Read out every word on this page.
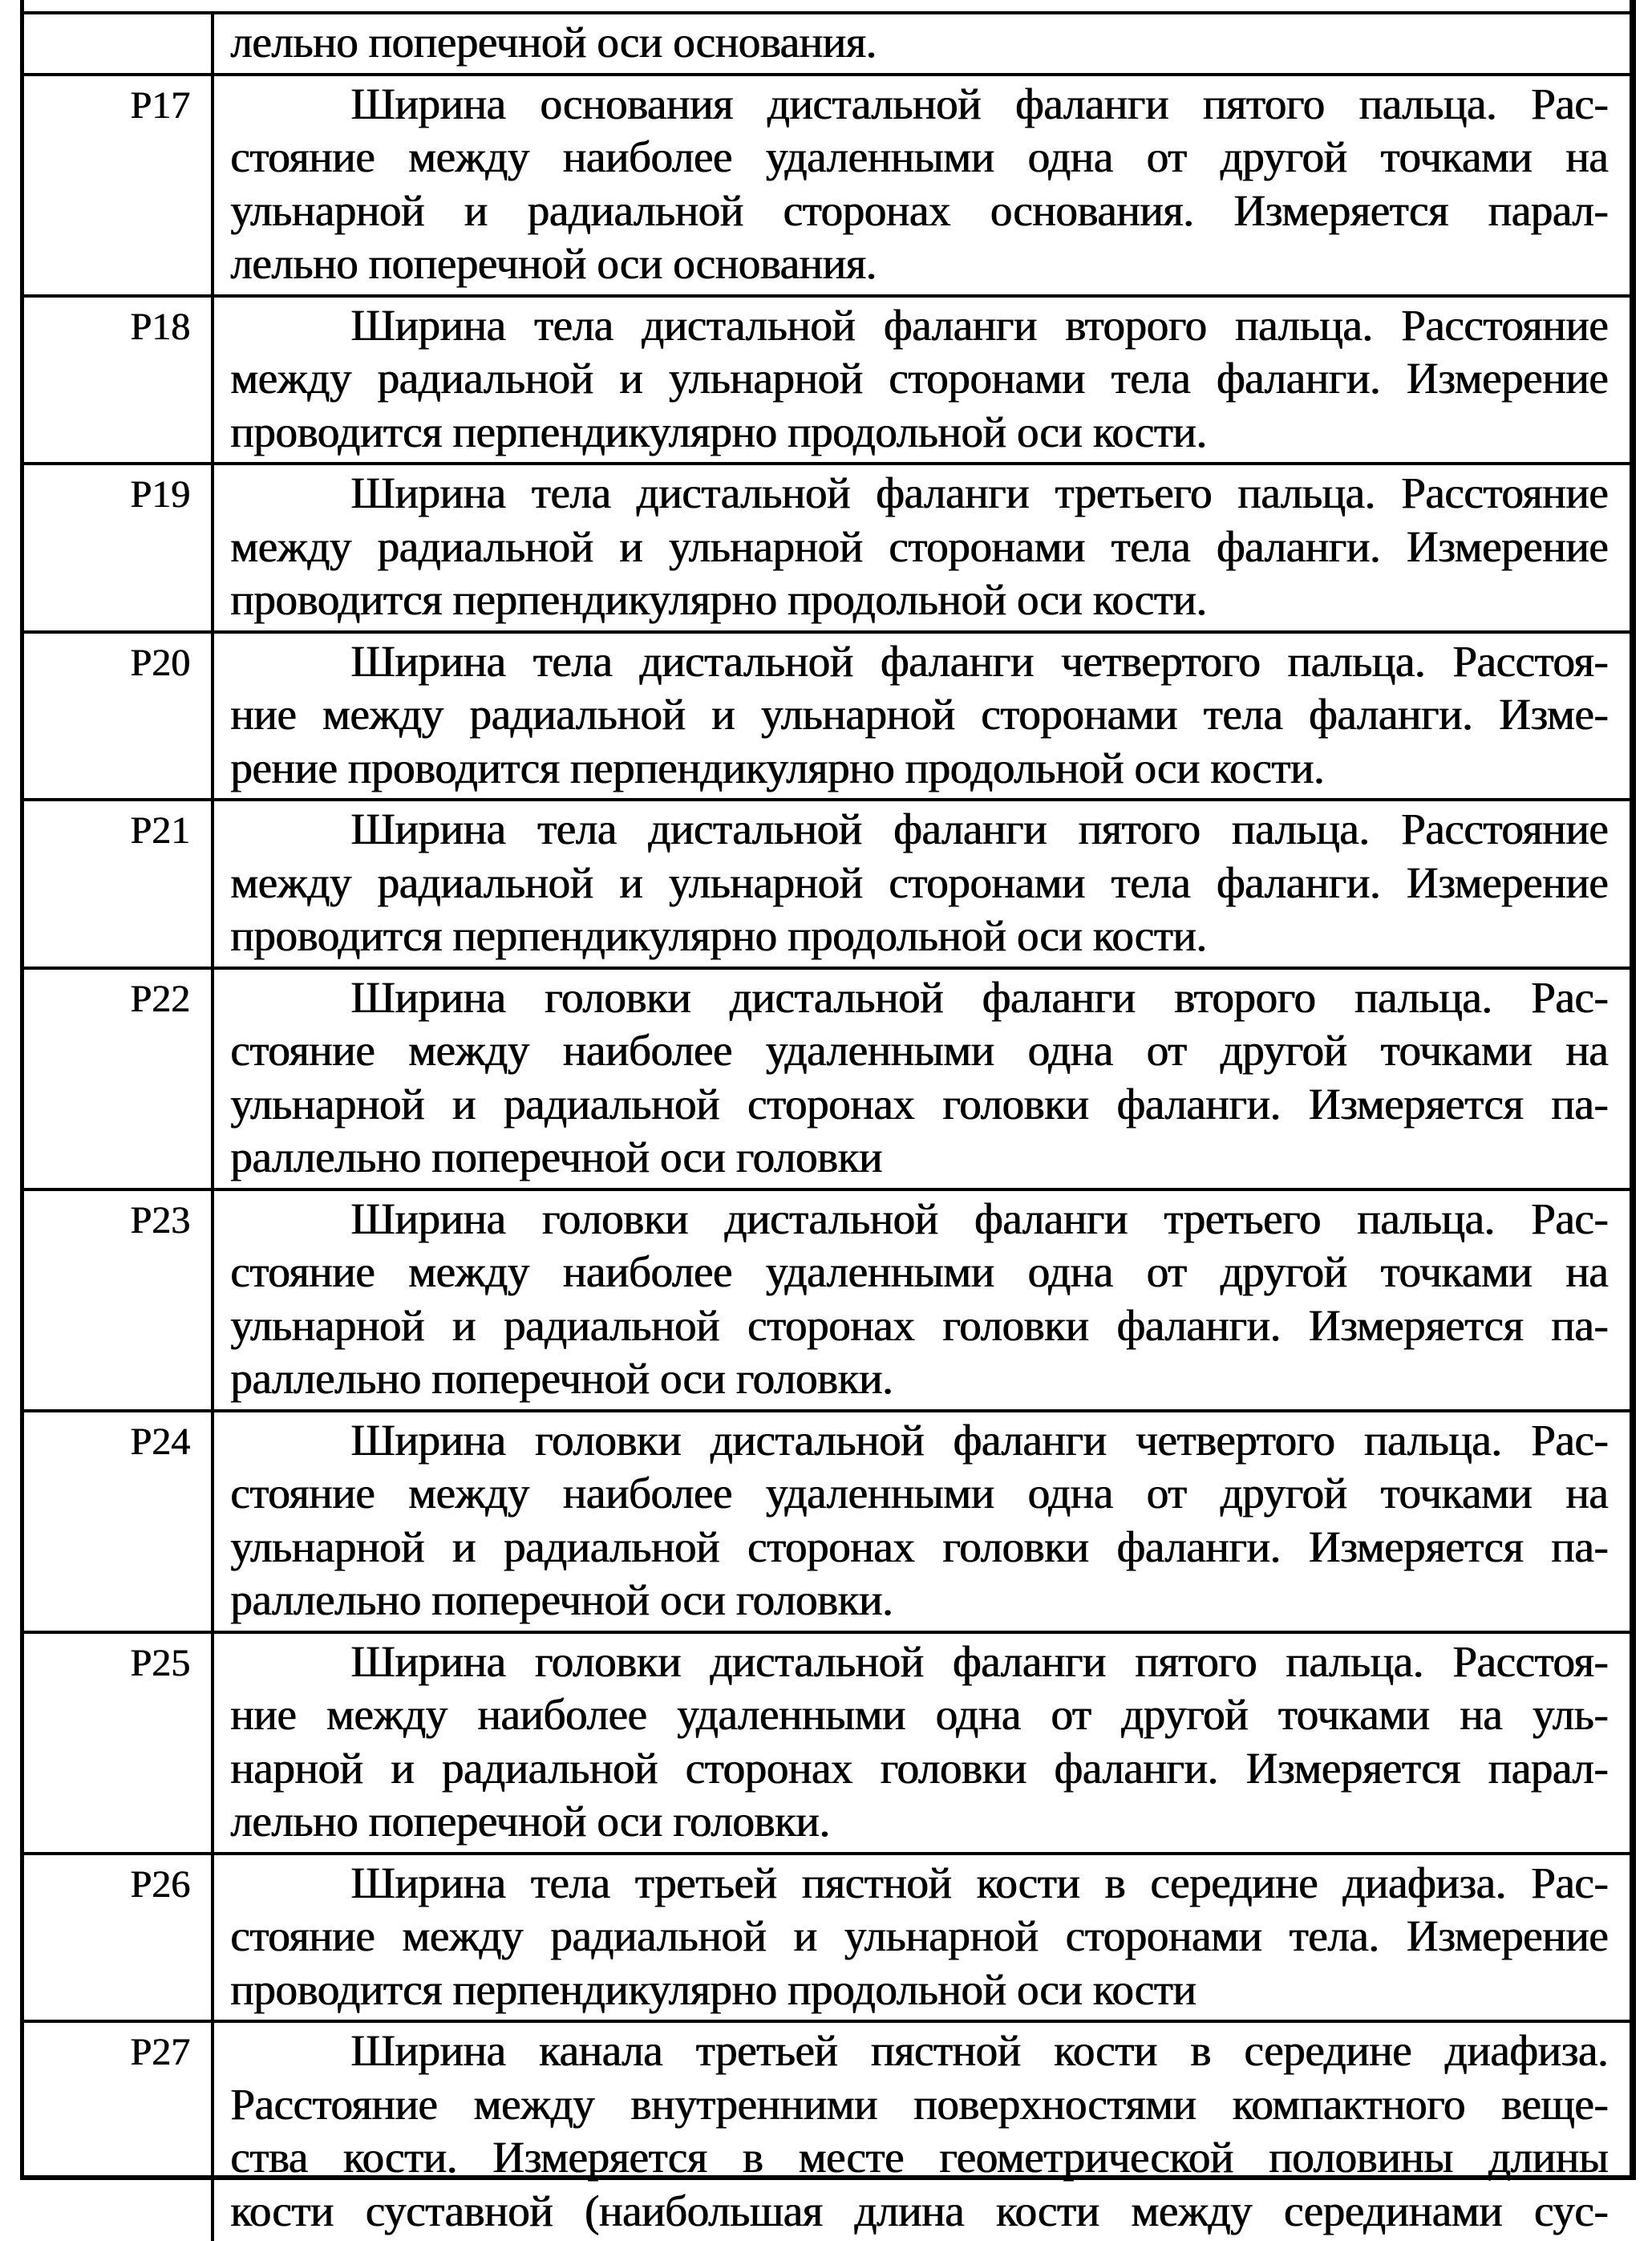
лельно поперечной оси основания.
P17	Ширина основания дистальной фаланги пятого пальца. Рас-
стояние между наиболее удаленными одна от другой точками на
ульнарной и радиальной сторонах основания. Измеряется парал-
лельно поперечной оси основания.
P18	Ширина тела дистальной фаланги второго пальца. Расстояние
между радиальной и ульнарной сторонами тела фаланги. Измерение
проводится перпендикулярно продольной оси кости.
P19	Ширина тела дистальной фаланги третьего пальца. Расстояние
между радиальной и ульнарной сторонами тела фаланги. Измерение
проводится перпендикулярно продольной оси кости.
P20	Ширина тела дистальной фаланги четвертого пальца. Расстоя-
ние между радиальной и ульнарной сторонами тела фаланги. Изме-
рение проводится перпендикулярно продольной оси кости.
P21	Ширина тела дистальной фаланги пятого пальца. Расстояние
между радиальной и ульнарной сторонами тела фаланги. Измерение
проводится перпендикулярно продольной оси кости.
P22	Ширина головки дистальной фаланги второго пальца. Рас-
стояние между наиболее удаленными одна от другой точками на
ульнарной и радиальной сторонах головки фаланги. Измеряется па-
раллельно поперечной оси головки
P23	Ширина головки дистальной фаланги третьего пальца. Рас-
стояние между наиболее удаленными одна от другой точками на
ульнарной и радиальной сторонах головки фаланги. Измеряется па-
раллельно поперечной оси головки.
P24	Ширина головки дистальной фаланги четвертого пальца. Рас-
стояние между наиболее удаленными одна от другой точками на
ульнарной и радиальной сторонах головки фаланги. Измеряется па-
раллельно поперечной оси головки.
P25	Ширина головки дистальной фаланги пятого пальца. Расстоя-
ние между наиболее удаленными одна от другой точками на уль-
нарной и радиальной сторонах головки фаланги. Измеряется парал-
лельно поперечной оси головки.
P26	Ширина тела третьей пястной кости в середине диафиза. Рас-
стояние между радиальной и ульнарной сторонами тела. Измерение
проводится перпендикулярно продольной оси кости
P27	Ширина канала третьей пястной кости в середине диафиза.
Расстояние между внутренними поверхностями компактного веще-
ства кости. Измеряется в месте геометрической половины длины
кости суставной (наибольшая длина кости между серединами сус-
